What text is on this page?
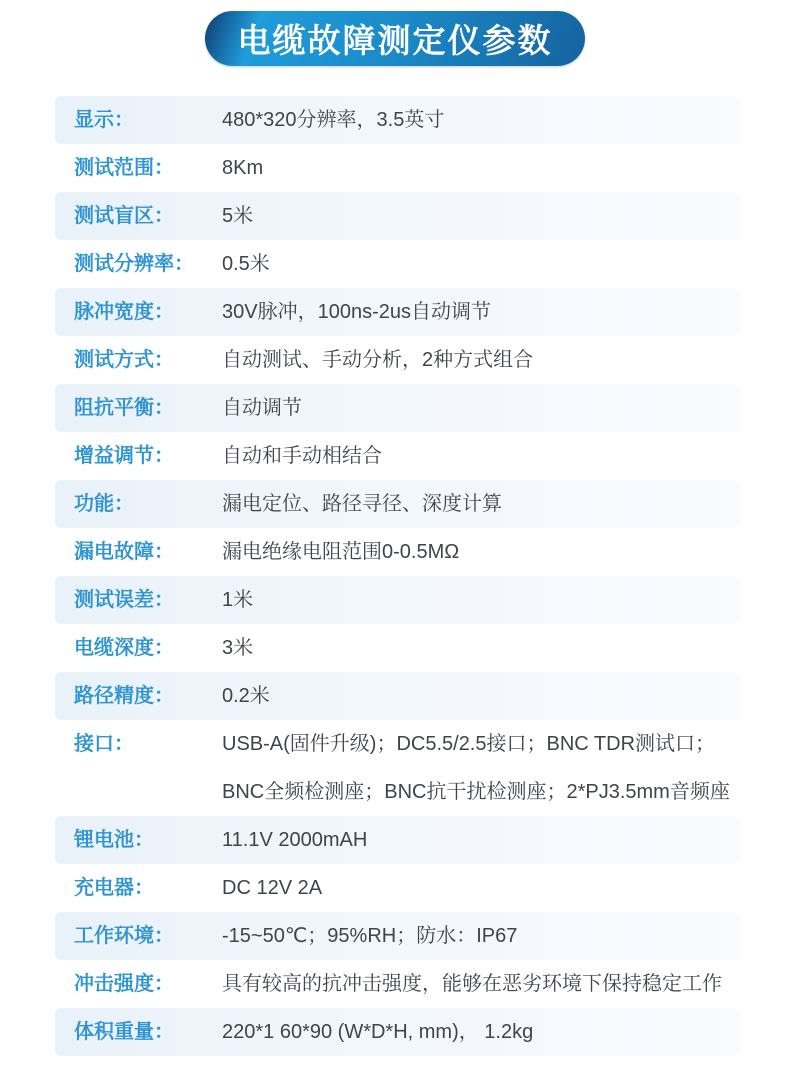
电缆故障测定仪参数
显示：	480*320分辨率，3.5英寸
测试范围：	8Km
测试盲区：	5米
测试分辨率：	0.5米
脉冲宽度：	30V脉冲，100ns-2us自动调节
测试方式：	自动测试、手动分析，2种方式组合
阻抗平衡：	自动调节
增益调节：	自动和手动相结合
功能：	漏电定位、路径寻径、深度计算
漏电故障：	漏电绝缘电阻范围0-0.5MΩ
测试误差：	1米
电缆深度：	3米
路径精度：	0.2米
接口：	USB-A(固件升级)；DC5.5/2.5接口；BNC TDR测试口；
BNC全频检测座；BNC抗干扰检测座；2*PJ3.5mm音频座
锂电池：	11.1V 2000mAH
充电器：	DC 12V 2A
工作环境：	-15~50℃；95%RH；防水：IP67
冲击强度：	具有较高的抗冲击强度，能够在恶劣环境下保持稳定工作
体积重量：	220*1 60*90 (W*D*H, mm)， 1.2kg
